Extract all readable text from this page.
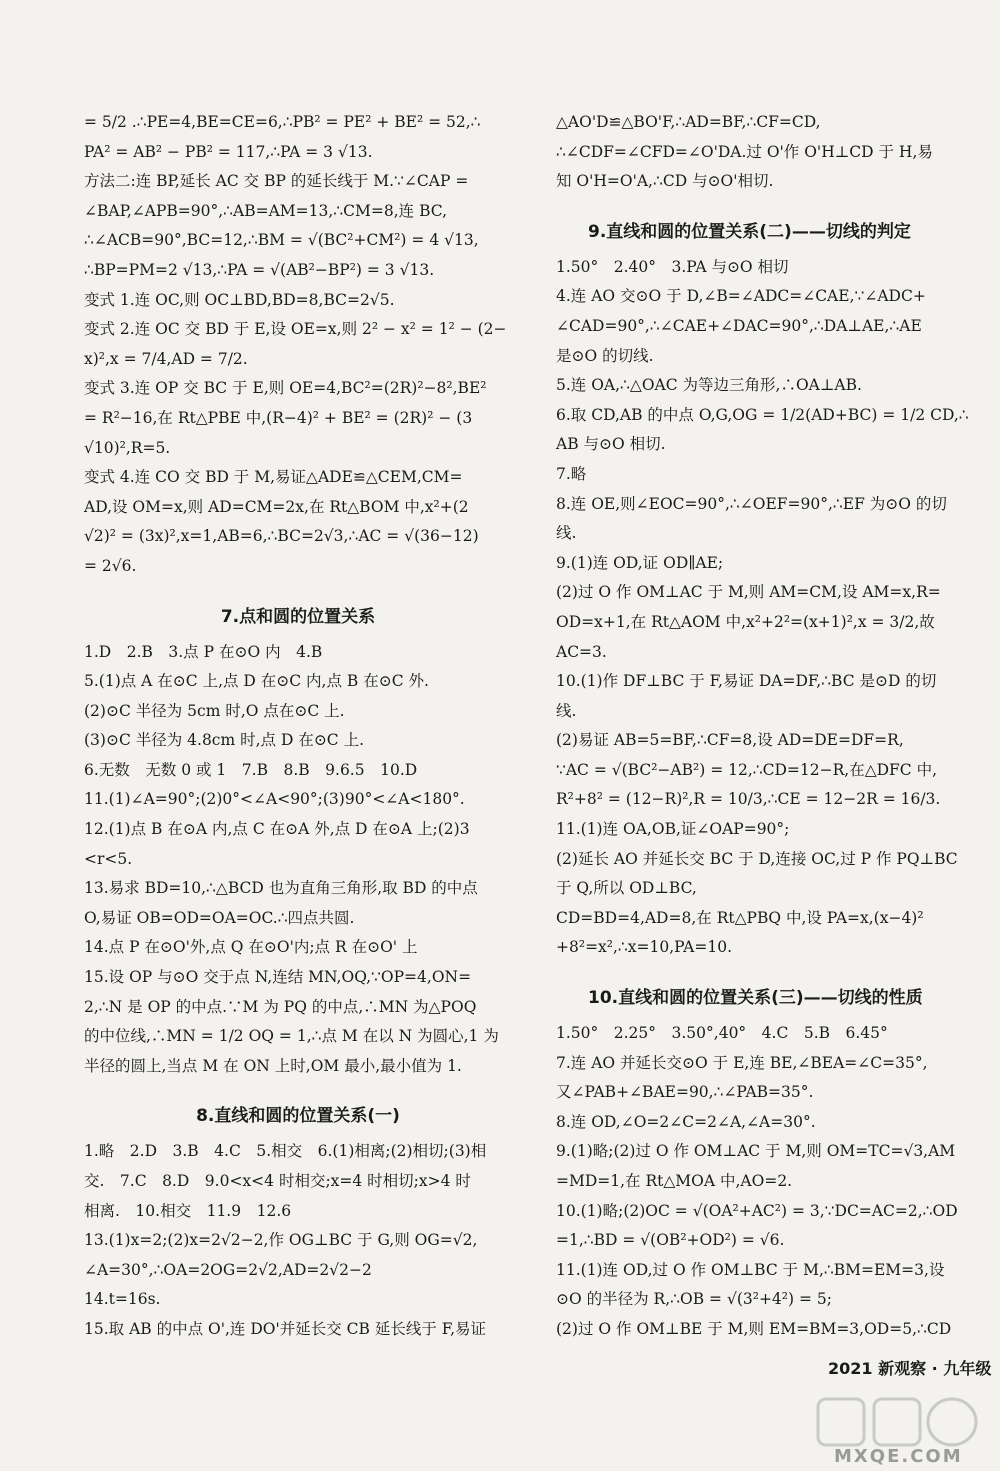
= 5/2 .∴PE=4,BE=CE=6,∴PB² = PE² + BE² = 52,∴
PA² = AB² − PB² = 117,∴PA = 3 √13.
方法二:连 BP,延长 AC 交 BP 的延长线于 M.∵∠CAP =
∠BAP,∠APB=90°,∴AB=AM=13,∴CM=8,连 BC,
∴∠ACB=90°,BC=12,∴BM = √(BC²+CM²) = 4 √13,
∴BP=PM=2 √13,∴PA = √(AB²−BP²) = 3 √13.
变式 1.连 OC,则 OC⊥BD,BD=8,BC=2√5.
变式 2.连 OC 交 BD 于 E,设 OE=x,则 2² − x² = 1² − (2−
x)²,x = 7/4,AD = 7/2.
变式 3.连 OP 交 BC 于 E,则 OE=4,BC²=(2R)²−8²,BE²
= R²−16,在 Rt△PBE 中,(R−4)² + BE² = (2R)² − (3
√10)²,R=5.
变式 4.连 CO 交 BD 于 M,易证△ADE≌△CEM,CM=
AD,设 OM=x,则 AD=CM=2x,在 Rt△BOM 中,x²+(2
√2)² = (3x)²,x=1,AB=6,∴BC=2√3,∴AC = √(36−12)
= 2√6.
7.点和圆的位置关系
1.D　2.B　3.点 P 在⊙O 内　4.B
5.(1)点 A 在⊙C 上,点 D 在⊙C 内,点 B 在⊙C 外.
(2)⊙C 半径为 5cm 时,O 点在⊙C 上.
(3)⊙C 半径为 4.8cm 时,点 D 在⊙C 上.
6.无数　无数 0 或 1　7.B　8.B　9.6.5　10.D
11.(1)∠A=90°;(2)0°<∠A<90°;(3)90°<∠A<180°.
12.(1)点 B 在⊙A 内,点 C 在⊙A 外,点 D 在⊙A 上;(2)3
<r<5.
13.易求 BD=10,∴△BCD 也为直角三角形,取 BD 的中点
O,易证 OB=OD=OA=OC.∴四点共圆.
14.点 P 在⊙O'外,点 Q 在⊙O'内;点 R 在⊙O' 上
15.设 OP 与⊙O 交于点 N,连结 MN,OQ,∵OP=4,ON=
2,∴N 是 OP 的中点.∵M 为 PQ 的中点,∴MN 为△POQ
的中位线,∴MN = 1/2 OQ = 1,∴点 M 在以 N 为圆心,1 为
半径的圆上,当点 M 在 ON 上时,OM 最小,最小值为 1.
8.直线和圆的位置关系(一)
1.略　2.D　3.B　4.C　5.相交　6.(1)相离;(2)相切;(3)相
交.　7.C　8.D　9.0<x<4 时相交;x=4 时相切;x>4 时
相离.　10.相交　11.9　12.6
13.(1)x=2;(2)x=2√2−2,作 OG⊥BC 于 G,则 OG=√2,
∠A=30°,∴OA=2OG=2√2,AD=2√2−2
14.t=16s.
15.取 AB 的中点 O',连 DO'并延长交 CB 延长线于 F,易证
△AO'D≌△BO'F,∴AD=BF,∴CF=CD,
∴∠CDF=∠CFD=∠O'DA.过 O'作 O'H⊥CD 于 H,易
知 O'H=O'A,∴CD 与⊙O'相切.
9.直线和圆的位置关系(二)——切线的判定
1.50°　2.40°　3.PA 与⊙O 相切
4.连 AO 交⊙O 于 D,∠B=∠ADC=∠CAE,∵∠ADC+
∠CAD=90°,∴∠CAE+∠DAC=90°,∴DA⊥AE,∴AE
是⊙O 的切线.
5.连 OA,∴△OAC 为等边三角形,∴OA⊥AB.
6.取 CD,AB 的中点 O,G,OG = 1/2(AD+BC) = 1/2 CD,∴
AB 与⊙O 相切.
7.略
8.连 OE,则∠EOC=90°,∴∠OEF=90°,∴EF 为⊙O 的切
线.
9.(1)连 OD,证 OD∥AE;
(2)过 O 作 OM⊥AC 于 M,则 AM=CM,设 AM=x,R=
OD=x+1,在 Rt△AOM 中,x²+2²=(x+1)²,x = 3/2,故
AC=3.
10.(1)作 DF⊥BC 于 F,易证 DA=DF,∴BC 是⊙D 的切
线.
(2)易证 AB=5=BF,∴CF=8,设 AD=DE=DF=R,
∵AC = √(BC²−AB²) = 12,∴CD=12−R,在△DFC 中,
R²+8² = (12−R)²,R = 10/3,∴CE = 12−2R = 16/3.
11.(1)连 OA,OB,证∠OAP=90°;
(2)延长 AO 并延长交 BC 于 D,连接 OC,过 P 作 PQ⊥BC
于 Q,所以 OD⊥BC,
CD=BD=4,AD=8,在 Rt△PBQ 中,设 PA=x,(x−4)²
+8²=x²,∴x=10,PA=10.
10.直线和圆的位置关系(三)——切线的性质
1.50°　2.25°　3.50°,40°　4.C　5.B　6.45°
7.连 AO 并延长交⊙O 于 E,连 BE,∠BEA=∠C=35°,
又∠PAB+∠BAE=90,∴∠PAB=35°.
8.连 OD,∠O=2∠C=2∠A,∠A=30°.
9.(1)略;(2)过 O 作 OM⊥AC 于 M,则 OM=TC=√3,AM
=MD=1,在 Rt△MOA 中,AO=2.
10.(1)略;(2)OC = √(OA²+AC²) = 3,∵DC=AC=2,∴OD
=1,∴BD = √(OB²+OD²) = √6.
11.(1)连 OD,过 O 作 OM⊥BC 于 M,∴BM=EM=3,设
⊙O 的半径为 R,∴OB = √(3²+4²) = 5;
(2)过 O 作 OM⊥BE 于 M,则 EM=BM=3,OD=5,∴CD
2021 新观察 · 九年级
MXQE.COM
